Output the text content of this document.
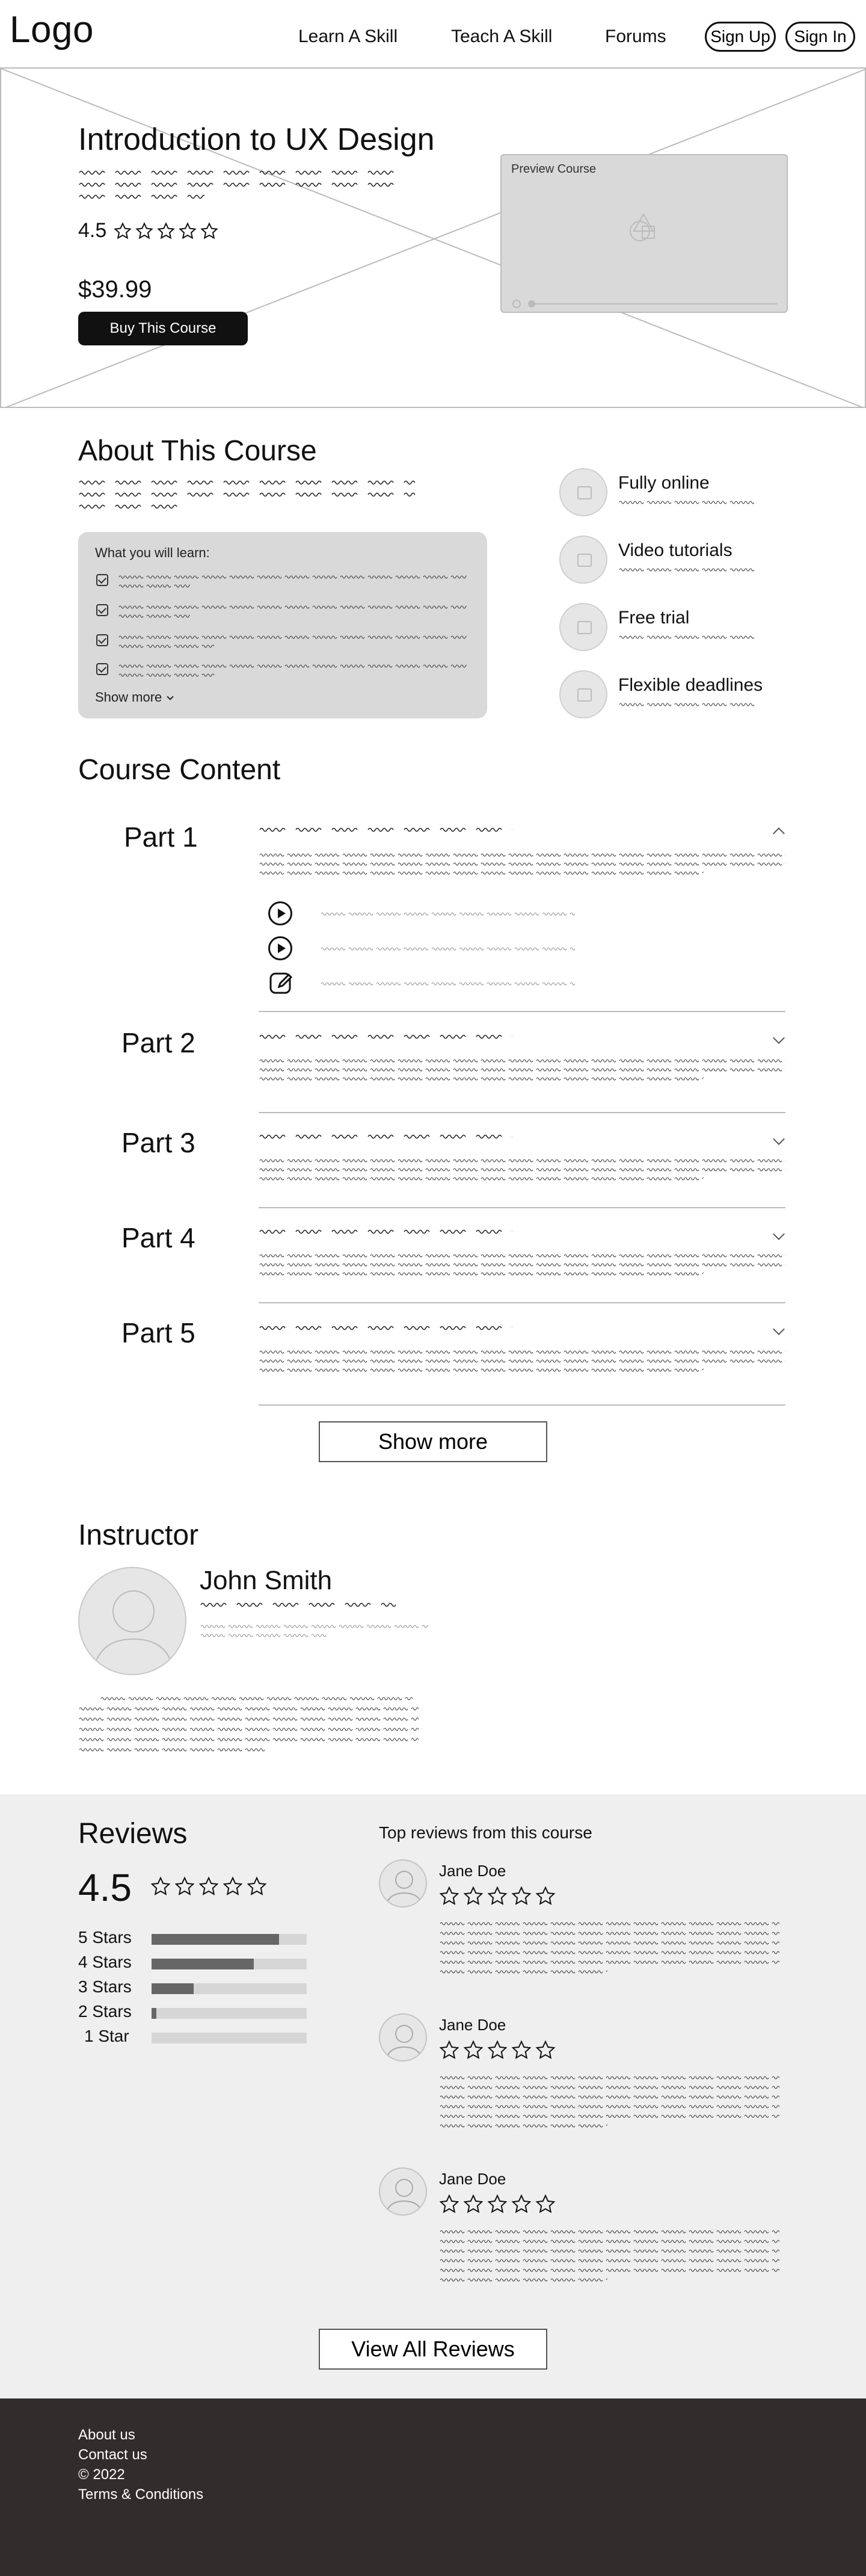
Logo	Learn A Skill	Teach A Skill	Forums	Sign Up	Sign In
Introduction to UX Design
4.5
$39.99
Buy This Course
Preview Course
About This Course
What you will learn:
Show more
Fully online
Video tutorials
Free trial
Flexible deadlines
Course Content
Part 1
Part 2
Part 3
Part 4
Part 5
Show more
Instructor
John Smith
Reviews
4.5
5 Stars
4 Stars
3 Stars
2 Stars
1 Star
Top reviews from this course
Jane Doe
Jane Doe
Jane Doe
View All Reviews
About us
Contact us
© 2022
Terms & Conditions
